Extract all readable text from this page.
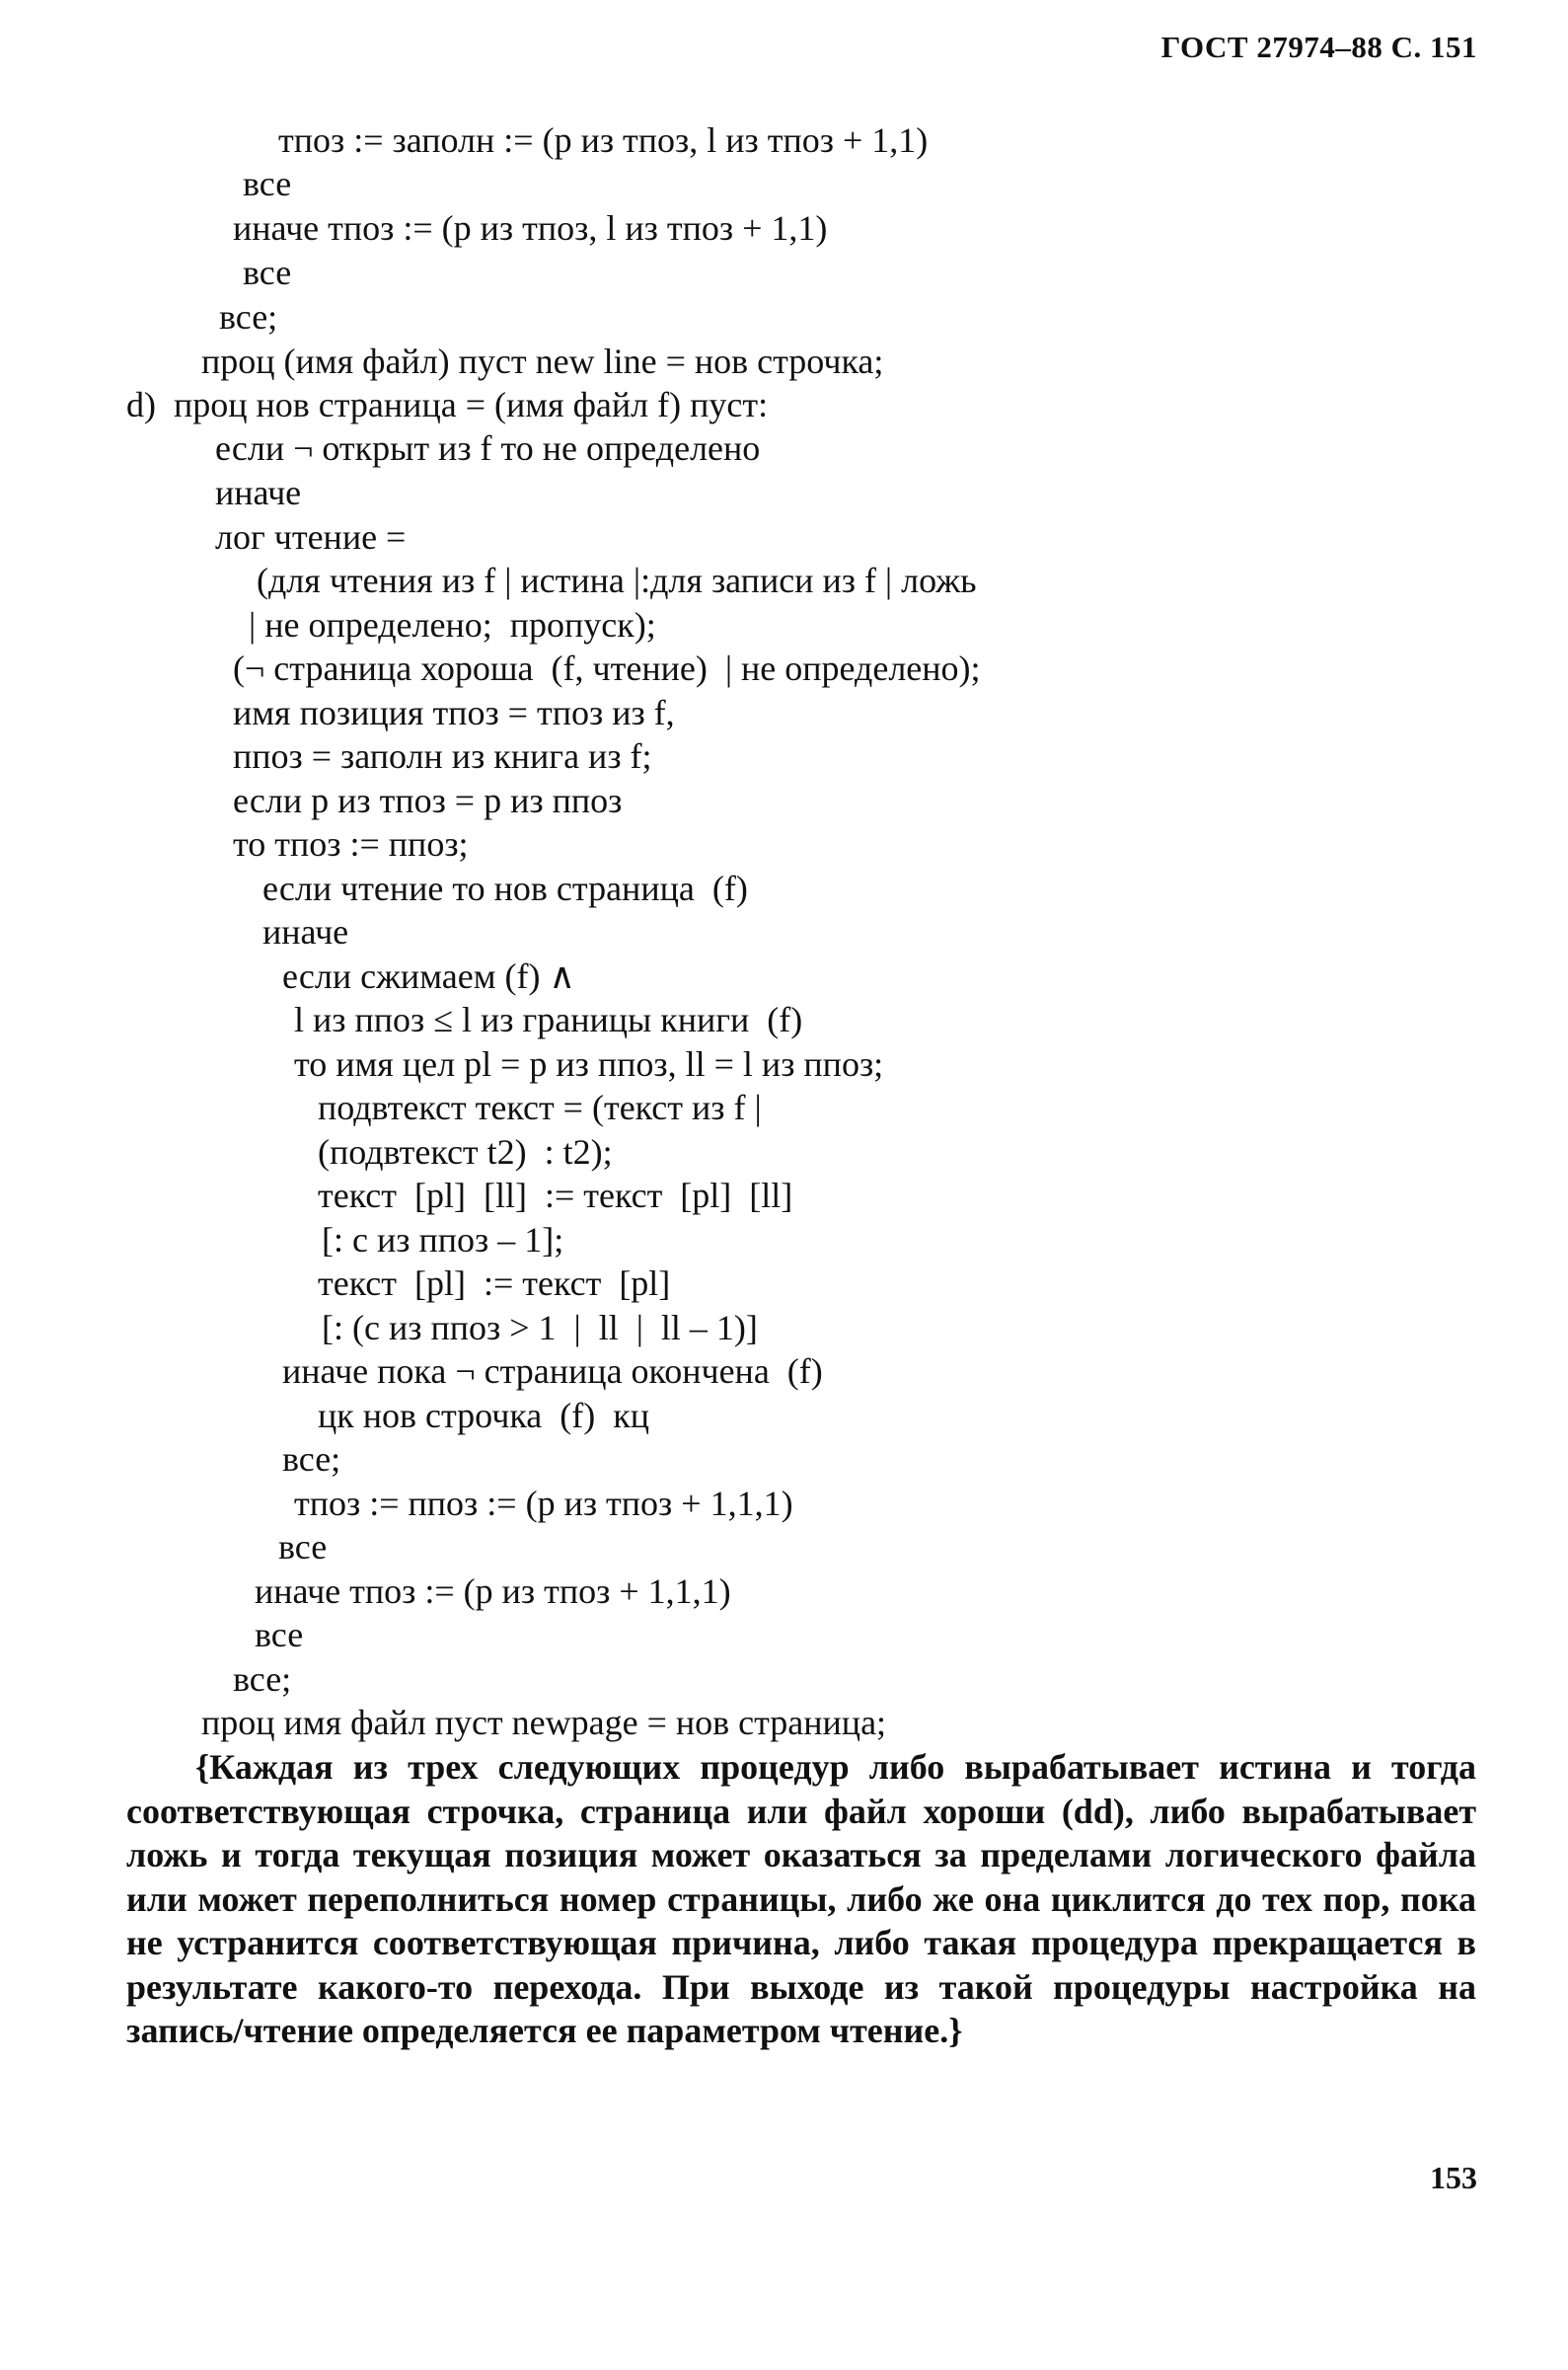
ГОСТ 27974–88 С. 151
тпоз := заполн := (р из тпоз, l из тпоз + 1,1)
все
иначе тпоз := (р из тпоз, l из тпоз + 1,1)
все
все;
проц (имя файл) пуст new line = нов строчка;
d)  проц нов страница = (имя файл f) пуст:
если ¬ открыт из f то не определено
иначе
лог чтение =
(для чтения из f | истина |:для записи из f | ложь
| не определено;  пропуск);
(¬ страница хороша  (f, чтение)  | не определено);
имя позиция тпоз = тпоз из f,
ппоз = заполн из книга из f;
если р из тпоз = р из ппоз
то тпоз := ппоз;
если чтение то нов страница  (f)
иначе
если сжимаем (f) ∧
l из ппоз ≤ l из границы книги  (f)
то имя цел pl = р из ппоз, ll = l из ппоз;
подвтекст текст = (текст из f |
(подвтекст t2)  : t2);
текст  [pl]  [ll]  := текст  [pl]  [ll]
[: с из ппоз – 1];
текст  [pl]  := текст  [pl]
[: (с из ппоз > 1  |  ll  |  ll – 1)]
иначе пока ¬ страница окончена  (f)
цк нов строчка  (f)  кц
все;
тпоз := ппоз := (р из тпоз + 1,1,1)
все
иначе тпоз := (р из тпоз + 1,1,1)
все
все;
проц имя файл пуст newpage = нов страница;
{Каждая из трех следующих процедур либо вырабатывает истина и тогда соответствующая строчка, страница или файл хороши (dd), либо вырабатывает ложь и тогда текущая позиция может оказаться за пределами логического файла или может переполниться номер страницы, либо же она циклится до тех пор, пока не устранится соответствующая причина, либо такая процедура прекращается в результате какого-то перехода. При выходе из такой процедуры настройка на запись/чтение определяется ее параметром чтение.}
153
